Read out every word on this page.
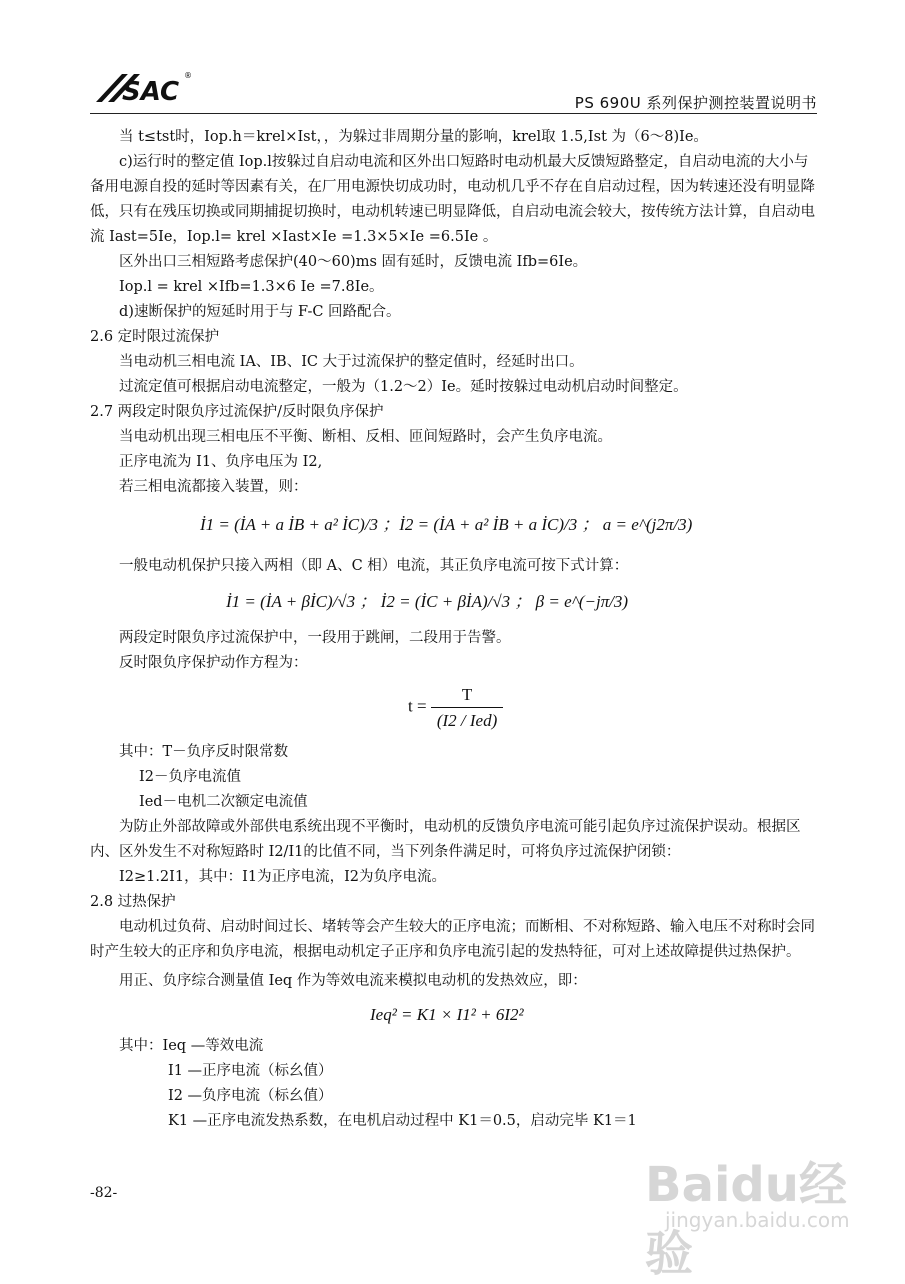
SAC
®
PS 690U 系列保护测控装置说明书

当 t≤tst时，Iop.h＝krel×Ist，，为躲过非周期分量的影响，krel取 1.5,Ist 为（6～8)Ie。

c)运行时的整定值 Iop.l按躲过自启动电流和区外出口短路时电动机最大反馈短路整定，自启动电流的大小与备用电源自投的延时等因素有关，在厂用电源快切成功时，电动机几乎不存在自启动过程，因为转速还没有明显降低，只有在残压切换或同期捕捉切换时，电动机转速已明显降低，自启动电流会较大，按传统方法计算，自启动电流 Iast=5Ie，Iop.l= krel ×Iast×Ie =1.3×5×Ie =6.5Ie 。

区外出口三相短路考虑保护(40～60)ms 固有延时，反馈电流 Ifb=6Ie。

Iop.l = krel ×Ifb=1.3×6 Ie =7.8Ie。

d)速断保护的短延时用于与 F-C 回路配合。

2.6 定时限过流保护

当电动机三相电流 IA、IB、IC 大于过流保护的整定值时，经延时出口。

过流定值可根据启动电流整定，一般为（1.2～2）Ie。延时按躲过电动机启动时间整定。

2.7 两段定时限负序过流保护/反时限负序保护

当电动机出现三相电压不平衡、断相、反相、匝间短路时，会产生负序电流。

正序电流为 I1、负序电压为 I2,

若三相电流都接入装置，则：

İ1 = (İA + a İB + a² İC)/3 ；İ2 = (İA + a² İB + a İC)/3 ； a = e^(j2π/3)

一般电动机保护只接入两相（即 A、C 相）电流，其正负序电流可按下式计算：

İ1 = (İA + βİC)/√3 ； İ2 = (İC + βİA)/√3 ； β = e^(−jπ/3)

两段定时限负序过流保护中，一段用于跳闸，二段用于告警。

反时限负序保护动作方程为：

$t = \frac{T}{\text{(I2 / Ied)}}$

其中：T－负序反时限常数

I2－负序电流值

Ied－电机二次额定电流值

为防止外部故障或外部供电系统出现不平衡时，电动机的反馈负序电流可能引起负序过流保护误动。根据区内、区外发生不对称短路时 I2/I1的比值不同，当下列条件满足时，可将负序过流保护闭锁：

I2≥1.2I1，其中：I1为正序电流，I2为负序电流。

2.8 过热保护

电动机过负荷、启动时间过长、堵转等会产生较大的正序电流；而断相、不对称短路、输入电压不对称时会同时产生较大的正序和负序电流，根据电动机定子正序和负序电流引起的发热特征，可对上述故障提供过热保护。

用正、负序综合测量值 Ieq 作为等效电流来模拟电动机的发热效应，即：

Ieq² = K1 × I1² + 6I2²

其中：Ieq —等效电流

I1 —正序电流（标幺值）

I2 —负序电流（标幺值）

K1 —正序电流发热系数，在电机启动过程中 K1＝0.5，启动完毕 K1＝1

-82-	Baidu经验
jingyan.baidu.com
